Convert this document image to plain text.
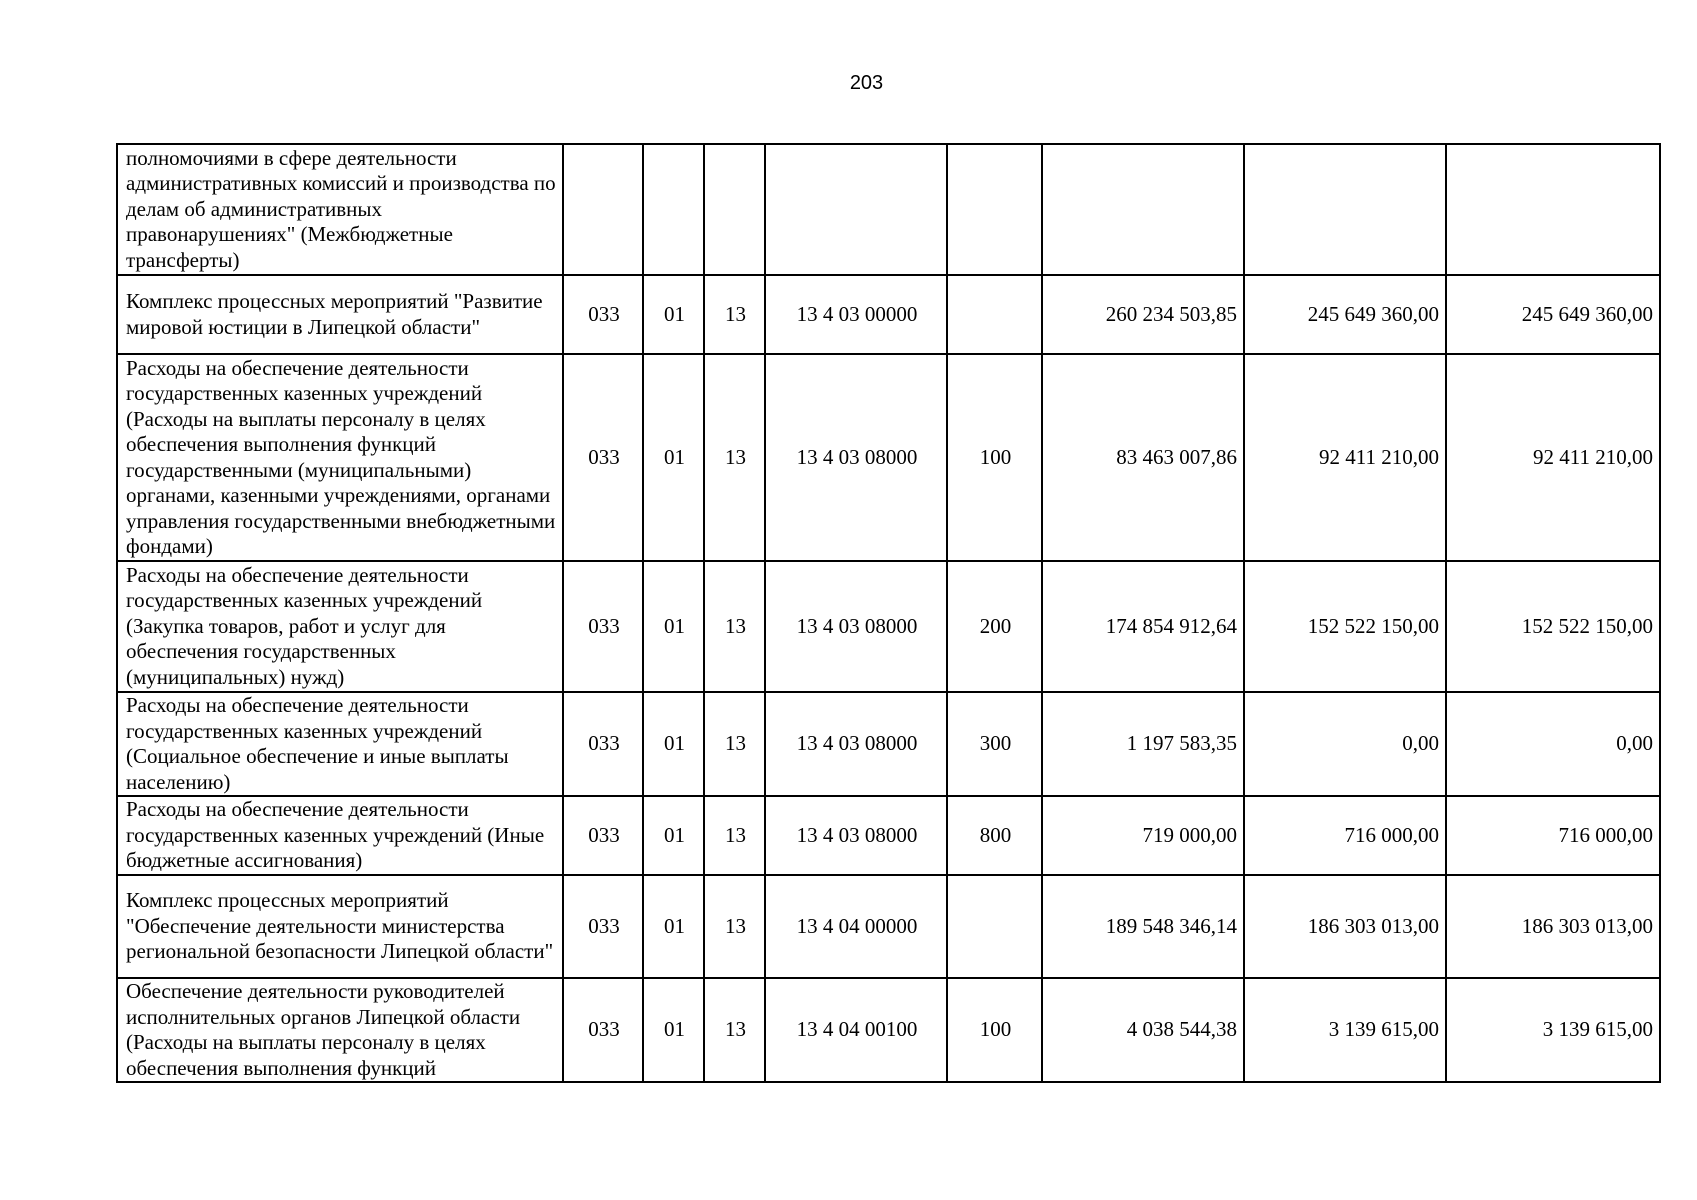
203
полномочиями в сфере деятельности административных комиссий и производства по делам об административных правонарушениях" (Межбюджетные трансферты)								
Комплекс процессных мероприятий "Развитие мировой юстиции в Липецкой области"	033	01	13	13 4 03 00000		260 234 503,85	245 649 360,00	245 649 360,00
Расходы на обеспечение деятельности государственных казенных учреждений (Расходы на выплаты персоналу в целях обеспечения выполнения функций государственными (муниципальными) органами, казенными учреждениями, органами управления государственными внебюджетными фондами)	033	01	13	13 4 03 08000	100	83 463 007,86	92 411 210,00	92 411 210,00
Расходы на обеспечение деятельности государственных казенных учреждений (Закупка товаров, работ и услуг для обеспечения государственных (муниципальных) нужд)	033	01	13	13 4 03 08000	200	174 854 912,64	152 522 150,00	152 522 150,00
Расходы на обеспечение деятельности государственных казенных учреждений (Социальное обеспечение и иные выплаты населению)	033	01	13	13 4 03 08000	300	1 197 583,35	0,00	0,00
Расходы на обеспечение деятельности государственных казенных учреждений (Иные бюджетные ассигнования)	033	01	13	13 4 03 08000	800	719 000,00	716 000,00	716 000,00
Комплекс процессных мероприятий "Обеспечение деятельности министерства региональной безопасности Липецкой области"	033	01	13	13 4 04 00000		189 548 346,14	186 303 013,00	186 303 013,00
Обеспечение деятельности руководителей исполнительных органов Липецкой области (Расходы на выплаты персоналу в целях обеспечения выполнения функций	033	01	13	13 4 04 00100	100	4 038 544,38	3 139 615,00	3 139 615,00
